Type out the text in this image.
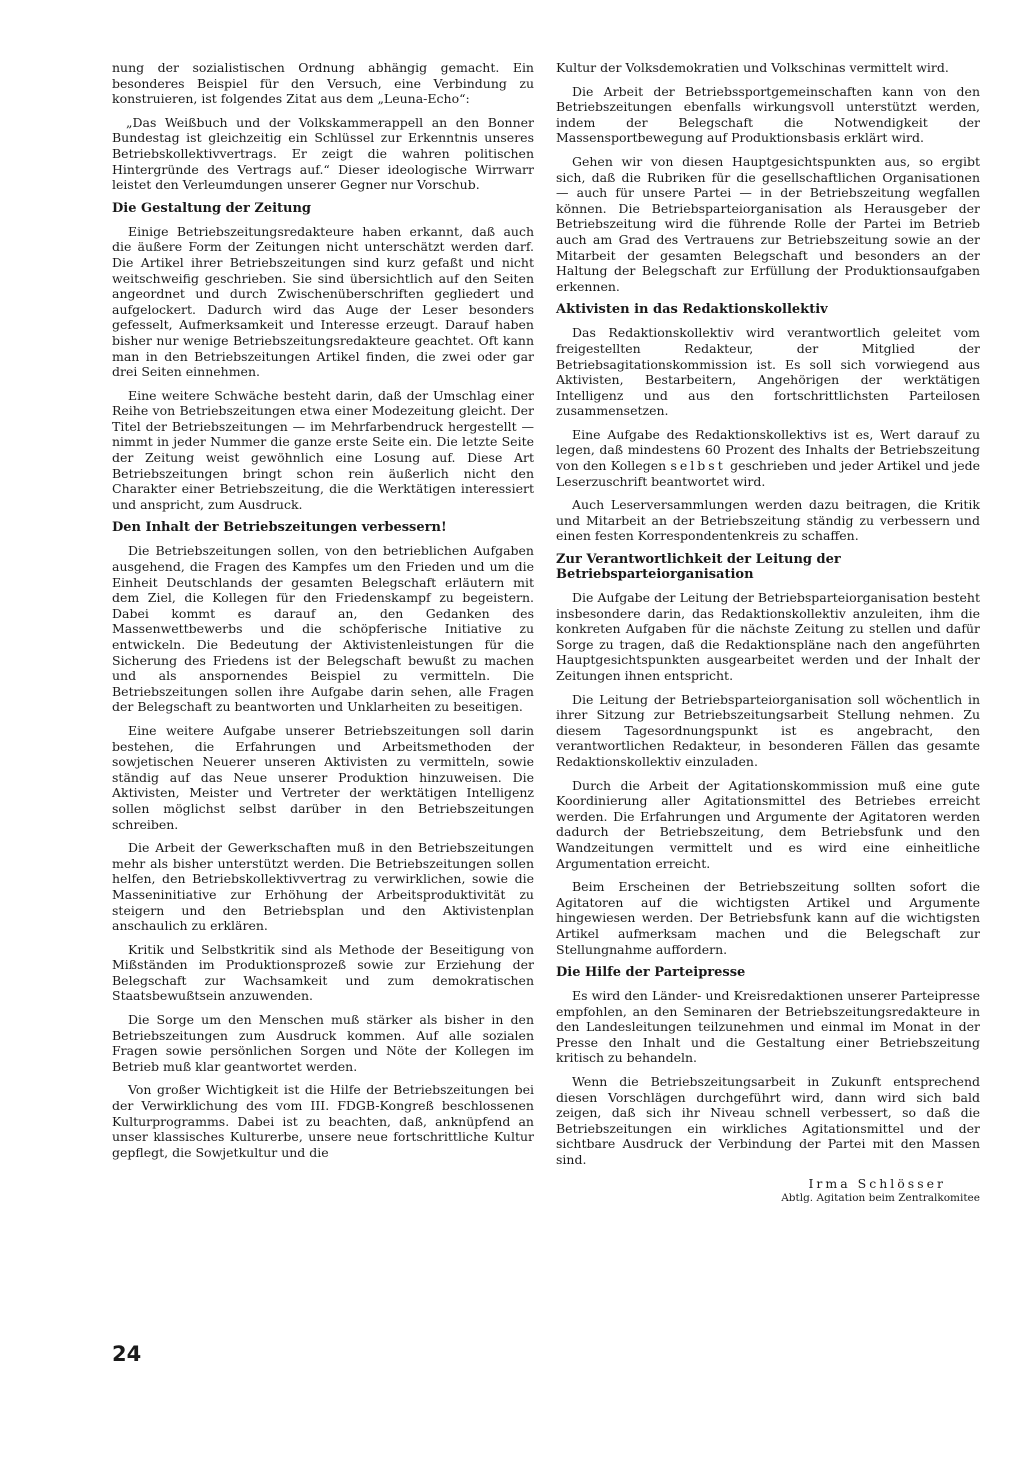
nung der sozialistischen Ordnung abhängig gemacht. Ein besonderes Beispiel für den Versuch, eine Verbindung zu konstruieren, ist folgendes Zitat aus dem „Leuna-Echo“:

„Das Weißbuch und der Volkskammerappell an den Bonner Bundestag ist gleichzeitig ein Schlüssel zur Erkenntnis unseres Betriebskollektivvertrags. Er zeigt die wahren politischen Hintergründe des Vertrags auf.“ Dieser ideologische Wirrwarr leistet den Verleumdungen unserer Gegner nur Vorschub.

Die Gestaltung der Zeitung

Einige Betriebszeitungsredakteure haben erkannt, daß auch die äußere Form der Zeitungen nicht unterschätzt werden darf. Die Artikel ihrer Betriebszeitungen sind kurz gefaßt und nicht weitschweifig geschrieben. Sie sind übersichtlich auf den Seiten angeordnet und durch Zwischenüberschriften gegliedert und aufgelockert. Dadurch wird das Auge der Leser besonders gefesselt, Aufmerksamkeit und Interesse erzeugt. Darauf haben bisher nur wenige Betriebszeitungsredakteure geachtet. Oft kann man in den Betriebszeitungen Artikel finden, die zwei oder gar drei Seiten einnehmen.

Eine weitere Schwäche besteht darin, daß der Umschlag einer Reihe von Betriebszeitungen etwa einer Modezeitung gleicht. Der Titel der Betriebszeitungen — im Mehrfarbendruck hergestellt — nimmt in jeder Nummer die ganze erste Seite ein. Die letzte Seite der Zeitung weist gewöhnlich eine Losung auf. Diese Art Betriebszeitungen bringt schon rein äußerlich nicht den Charakter einer Betriebszeitung, die die Werktätigen interessiert und anspricht, zum Ausdruck.

Den Inhalt der Betriebszeitungen verbessern!

Die Betriebszeitungen sollen, von den betrieblichen Aufgaben ausgehend, die Fragen des Kampfes um den Frieden und um die Einheit Deutschlands der gesamten Belegschaft erläutern mit dem Ziel, die Kollegen für den Friedenskampf zu begeistern. Dabei kommt es darauf an, den Gedanken des Massenwettbewerbs und die schöpferische Initiative zu entwickeln. Die Bedeutung der Aktivistenleistungen für die Sicherung des Friedens ist der Belegschaft bewußt zu machen und als anspornendes Beispiel zu vermitteln. Die Betriebszeitungen sollen ihre Aufgabe darin sehen, alle Fragen der Belegschaft zu beantworten und Unklarheiten zu beseitigen.

Eine weitere Aufgabe unserer Betriebszeitungen soll darin bestehen, die Erfahrungen und Arbeitsmethoden der sowjetischen Neuerer unseren Aktivisten zu vermitteln, sowie ständig auf das Neue unserer Produktion hinzuweisen. Die Aktivisten, Meister und Vertreter der werktätigen Intelligenz sollen möglichst selbst darüber in den Betriebszeitungen schreiben.

Die Arbeit der Gewerkschaften muß in den Betriebszeitungen mehr als bisher unterstützt werden. Die Betriebszeitungen sollen helfen, den Betriebskollektivvertrag zu verwirklichen, sowie die Masseninitiative zur Erhöhung der Arbeitsproduktivität zu steigern und den Betriebsplan und den Aktivistenplan anschaulich zu erklären.

Kritik und Selbstkritik sind als Methode der Beseitigung von Mißständen im Produktionsprozeß sowie zur Erziehung der Belegschaft zur Wachsamkeit und zum demokratischen Staatsbewußtsein anzuwenden.

Die Sorge um den Menschen muß stärker als bisher in den Betriebszeitungen zum Ausdruck kommen. Auf alle sozialen Fragen sowie persönlichen Sorgen und Nöte der Kollegen im Betrieb muß klar geantwortet werden.

Von großer Wichtigkeit ist die Hilfe der Betriebszeitungen bei der Verwirklichung des vom III. FDGB-Kongreß beschlossenen Kulturprogramms. Dabei ist zu beachten, daß, anknüpfend an unser klassisches Kulturerbe, unsere neue fortschrittliche Kultur gepflegt, die Sowjetkultur und die

Kultur der Volksdemokratien und Volkschinas vermittelt wird.

Die Arbeit der Betriebssportgemeinschaften kann von den Betriebszeitungen ebenfalls wirkungsvoll unterstützt werden, indem der Belegschaft die Notwendigkeit der Massensportbewegung auf Produktionsbasis erklärt wird.

Gehen wir von diesen Hauptgesichtspunkten aus, so ergibt sich, daß die Rubriken für die gesellschaftlichen Organisationen — auch für unsere Partei — in der Betriebszeitung wegfallen können. Die Betriebsparteiorganisation als Herausgeber der Betriebszeitung wird die führende Rolle der Partei im Betrieb auch am Grad des Vertrauens zur Betriebszeitung sowie an der Mitarbeit der gesamten Belegschaft und besonders an der Haltung der Belegschaft zur Erfüllung der Produktionsaufgaben erkennen.

Aktivisten in das Redaktionskollektiv

Das Redaktionskollektiv wird verantwortlich geleitet vom freigestellten Redakteur, der Mitglied der Betriebsagitationskommission ist. Es soll sich vorwiegend aus Aktivisten, Bestarbeitern, Angehörigen der werktätigen Intelligenz und aus den fortschrittlichsten Parteilosen zusammensetzen.

Eine Aufgabe des Redaktionskollektivs ist es, Wert darauf zu legen, daß mindestens 60 Prozent des Inhalts der Betriebszeitung von den Kollegen selbst geschrieben und jeder Artikel und jede Leserzuschrift beantwortet wird.

Auch Leserversammlungen werden dazu beitragen, die Kritik und Mitarbeit an der Betriebszeitung ständig zu verbessern und einen festen Korrespondentenkreis zu schaffen.

Zur Verantwortlichkeit der Leitung der Betriebsparteiorganisation

Die Aufgabe der Leitung der Betriebsparteiorganisation besteht insbesondere darin, das Redaktionskollektiv anzuleiten, ihm die konkreten Aufgaben für die nächste Zeitung zu stellen und dafür Sorge zu tragen, daß die Redaktionspläne nach den angeführten Hauptgesichtspunkten ausgearbeitet werden und der Inhalt der Zeitungen ihnen entspricht.

Die Leitung der Betriebsparteiorganisation soll wöchentlich in ihrer Sitzung zur Betriebszeitungsarbeit Stellung nehmen. Zu diesem Tagesordnungspunkt ist es angebracht, den verantwortlichen Redakteur, in besonderen Fällen das gesamte Redaktionskollektiv einzuladen.

Durch die Arbeit der Agitationskommission muß eine gute Koordinierung aller Agitationsmittel des Betriebes erreicht werden. Die Erfahrungen und Argumente der Agitatoren werden dadurch der Betriebszeitung, dem Betriebsfunk und den Wandzeitungen vermittelt und es wird eine einheitliche Argumentation erreicht.

Beim Erscheinen der Betriebszeitung sollten sofort die Agitatoren auf die wichtigsten Artikel und Argumente hingewiesen werden. Der Betriebsfunk kann auf die wichtigsten Artikel aufmerksam machen und die Belegschaft zur Stellungnahme auffordern.

Die Hilfe der Parteipresse

Es wird den Länder- und Kreisredaktionen unserer Parteipresse empfohlen, an den Seminaren der Betriebszeitungsredakteure in den Landesleitungen teilzunehmen und einmal im Monat in der Presse den Inhalt und die Gestaltung einer Betriebszeitung kritisch zu behandeln.

Wenn die Betriebszeitungsarbeit in Zukunft entsprechend diesen Vorschlägen durchgeführt wird, dann wird sich bald zeigen, daß sich ihr Niveau schnell verbessert, so daß die Betriebszeitungen ein wirkliches Agitationsmittel und der sichtbare Ausdruck der Verbindung der Partei mit den Massen sind.

Irma Schlösser
Abtlg. Agitation beim Zentralkomitee
24
